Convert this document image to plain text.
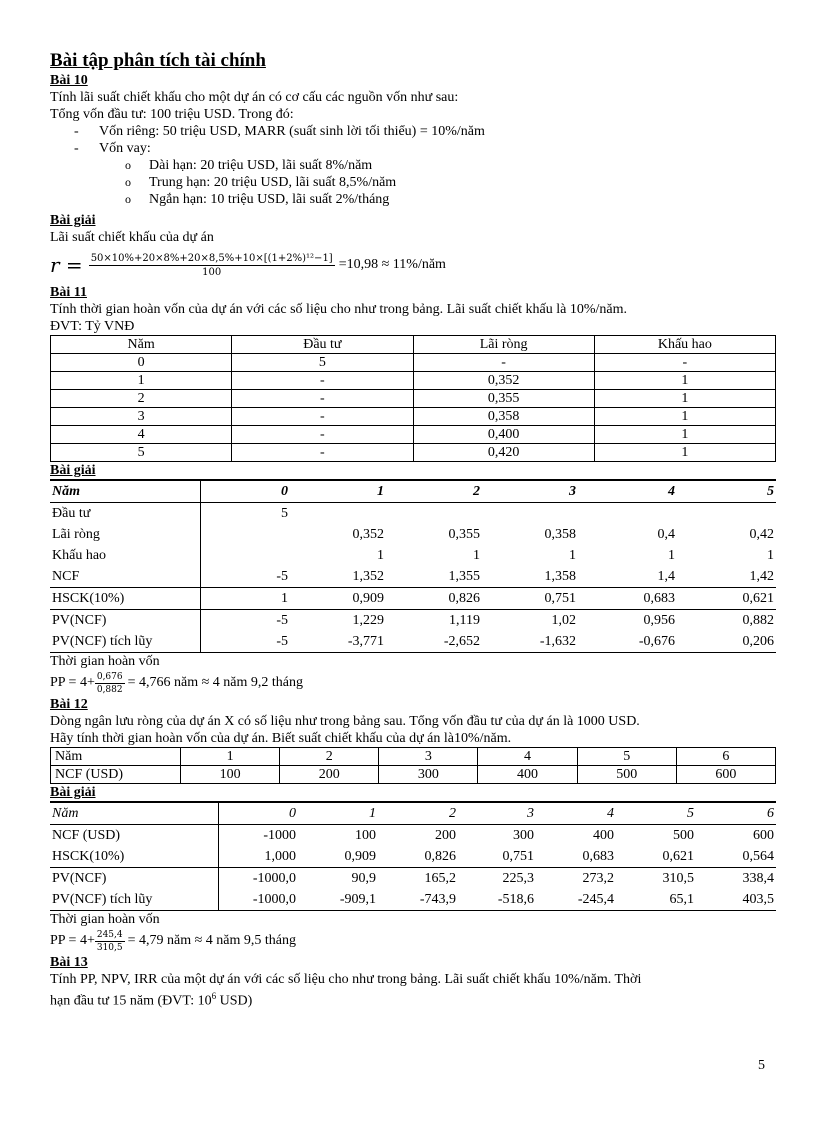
Bài tập phân tích tài chính
Bài 10
Tính lãi suất chiết khấu cho một dự án có cơ cấu các nguồn vốn như sau:
Tổng vốn đầu tư: 100 triệu USD. Trong đó:
- Vốn riêng: 50 triệu USD, MARR (suất sinh lời tối thiểu) = 10%/năm
- Vốn vay:
o Dài hạn: 20 triệu USD, lãi suất 8%/năm
o Trung hạn: 20 triệu USD, lãi suất 8,5%/năm
o Ngắn hạn: 10 triệu USD, lãi suất 2%/tháng
Bài giải
Lãi suất chiết khấu của dự án
$r = \frac{\text{50×10\%+20×8\%+20×8,5\%+10×[(1+2\%)¹²−1]}}{100} =10,98$ ≈ 11%/năm
Bài 11
Tính thời gian hoàn vốn của dự án với các số liệu cho như trong bảng. Lãi suất chiết khấu là 10%/năm.
ĐVT: Tỷ VNĐ
Năm	Đầu tư	Lãi ròng	Khấu hao
0	5	-	-
1	-	0,352	1
2	-	0,355	1
3	-	0,358	1
4	-	0,400	1
5	-	0,420	1
Bài giải
Năm	0	1	2	3	4	5
Đầu tư	5					
Lãi ròng		0,352	0,355	0,358	0,4	0,42
Khấu hao		1	1	1	1	1
NCF	-5	1,352	1,355	1,358	1,4	1,42
HSCK(10%)	1	0,909	0,826	0,751	0,683	0,621
PV(NCF)	-5	1,229	1,119	1,02	0,956	0,882
PV(NCF) tích lũy	-5	-3,771	-2,652	-1,632	-0,676	0,206
Thời gian hoàn vốn
PP = $4+ \frac{0,676}{0,882} = 4,766$ năm ≈ 4 năm 9,2 tháng
Bài 12
Dòng ngân lưu ròng của dự án X có số liệu như trong bảng sau. Tổng vốn đầu tư của dự án là 1000 USD.
Hãy tính thời gian hoàn vốn của dự án. Biết suất chiết khấu của dự án là10%/năm.
Năm	1	2	3	4	5	6
NCF (USD)	100	200	300	400	500	600
Bài giải
Năm	0	1	2	3	4	5	6
NCF (USD)	-1000	100	200	300	400	500	600
HSCK(10%)	1,000	0,909	0,826	0,751	0,683	0,621	0,564
PV(NCF)	-1000,0	90,9	165,2	225,3	273,2	310,5	338,4
PV(NCF) tích lũy	-1000,0	-909,1	-743,9	-518,6	-245,4	65,1	403,5
Thời gian hoàn vốn
PP = $4+ \frac{245,4}{310,5} = 4,79$ năm ≈ 4 năm 9,5 tháng
Bài 13
Tính PP, NPV, IRR của một dự án với các số liệu cho như trong bảng. Lãi suất chiết khấu 10%/năm. Thời
hạn đầu tư 15 năm (ĐVT: $10^6$ USD)
5
